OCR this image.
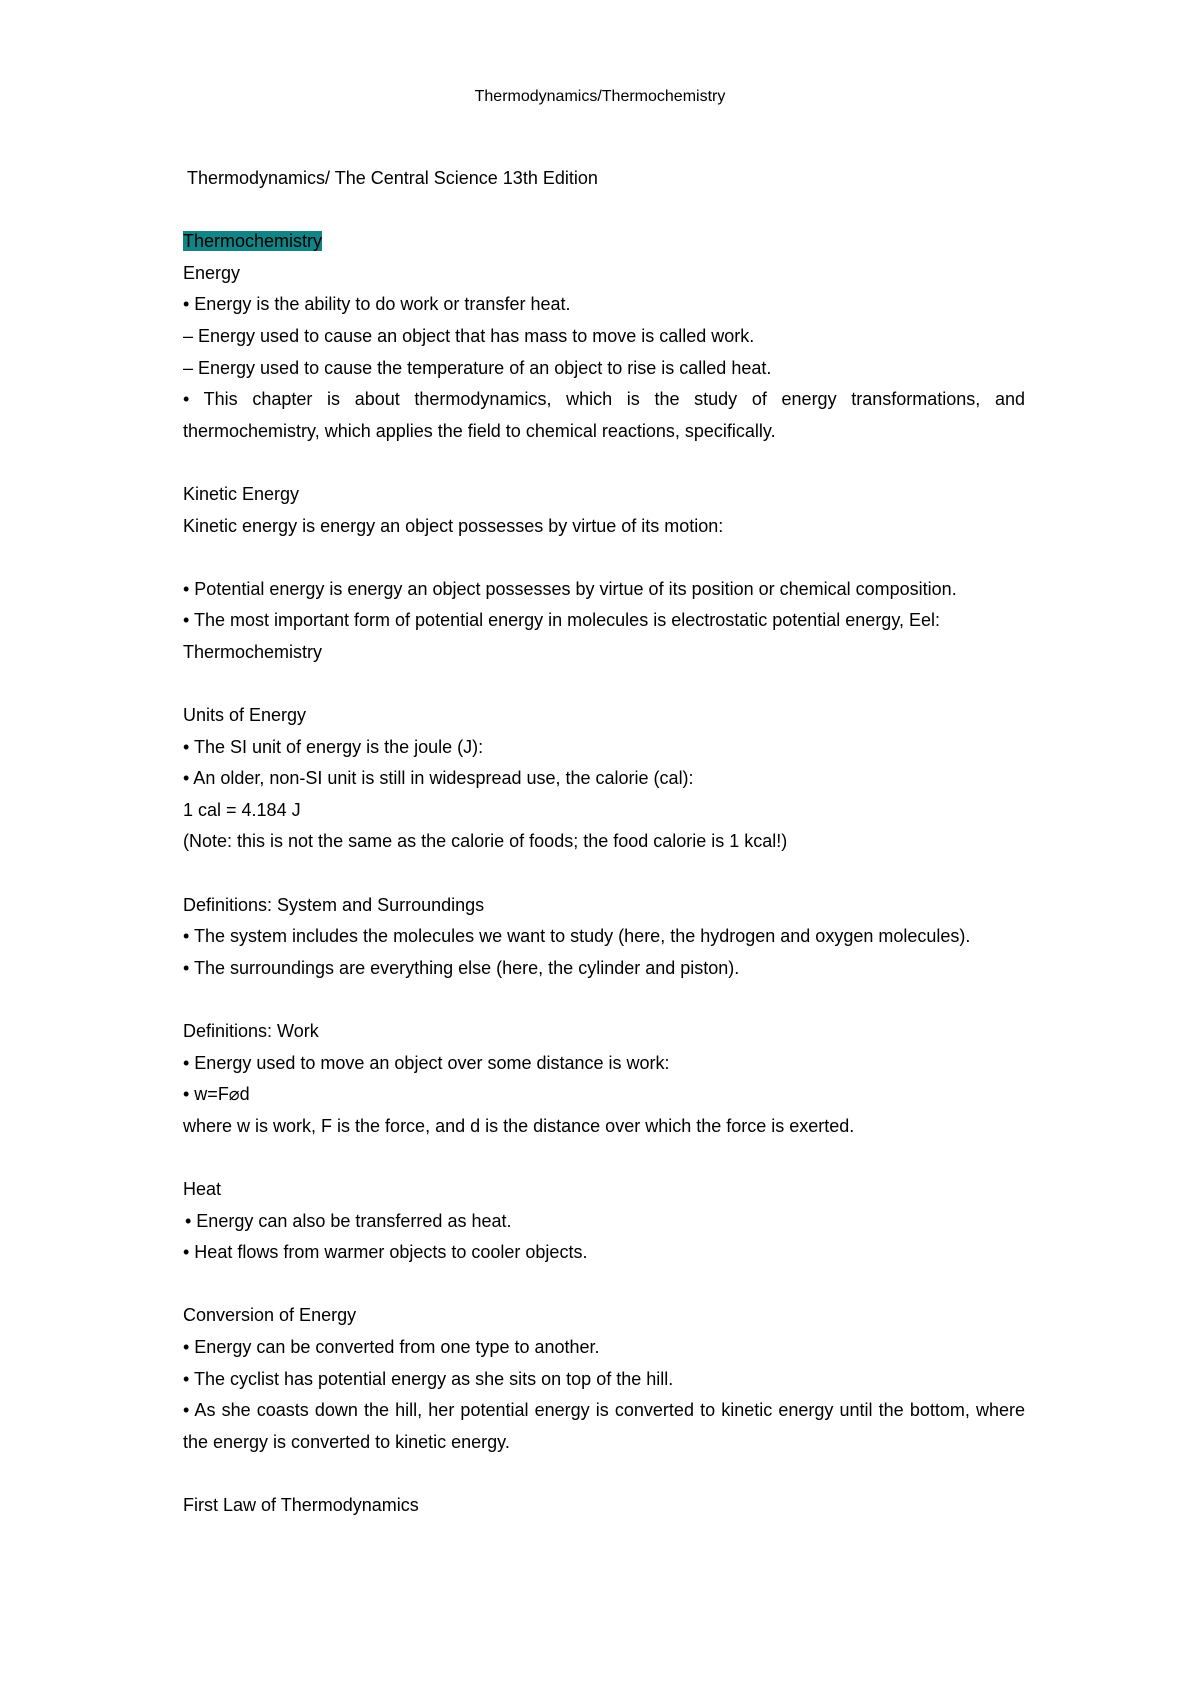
Thermodynamics/Thermochemistry
Thermodynamics/ The Central Science 13th Edition
Thermochemistry
Energy
• Energy is the ability to do work or transfer heat.
– Energy used to cause an object that has mass to move is called work.
– Energy used to cause the temperature of an object to rise is called heat.
• This chapter is about thermodynamics, which is the study of energy transformations, and thermochemistry, which applies the field to chemical reactions, specifically.
Kinetic Energy
Kinetic energy is energy an object possesses by virtue of its motion:
• Potential energy is energy an object possesses by virtue of its position or chemical composition.
• The most important form of potential energy in molecules is electrostatic potential energy, Eel:
Thermochemistry
Units of Energy
• The SI unit of energy is the joule (J):
• An older, non-SI unit is still in widespread use, the calorie (cal):
1 cal = 4.184 J
(Note: this is not the same as the calorie of foods; the food calorie is 1 kcal!)
Definitions: System and Surroundings
• The system includes the molecules we want to study (here, the hydrogen and oxygen molecules).
• The surroundings are everything else (here, the cylinder and piston).
Definitions: Work
• Energy used to move an object over some distance is work:
• w=F⌀d
where w is work, F is the force, and d is the distance over which the force is exerted.
Heat
• Energy can also be transferred as heat.
• Heat flows from warmer objects to cooler objects.
Conversion of Energy
• Energy can be converted from one type to another.
• The cyclist has potential energy as she sits on top of the hill.
• As she coasts down the hill, her potential energy is converted to kinetic energy until the bottom, where the energy is converted to kinetic energy.
First Law of Thermodynamics
